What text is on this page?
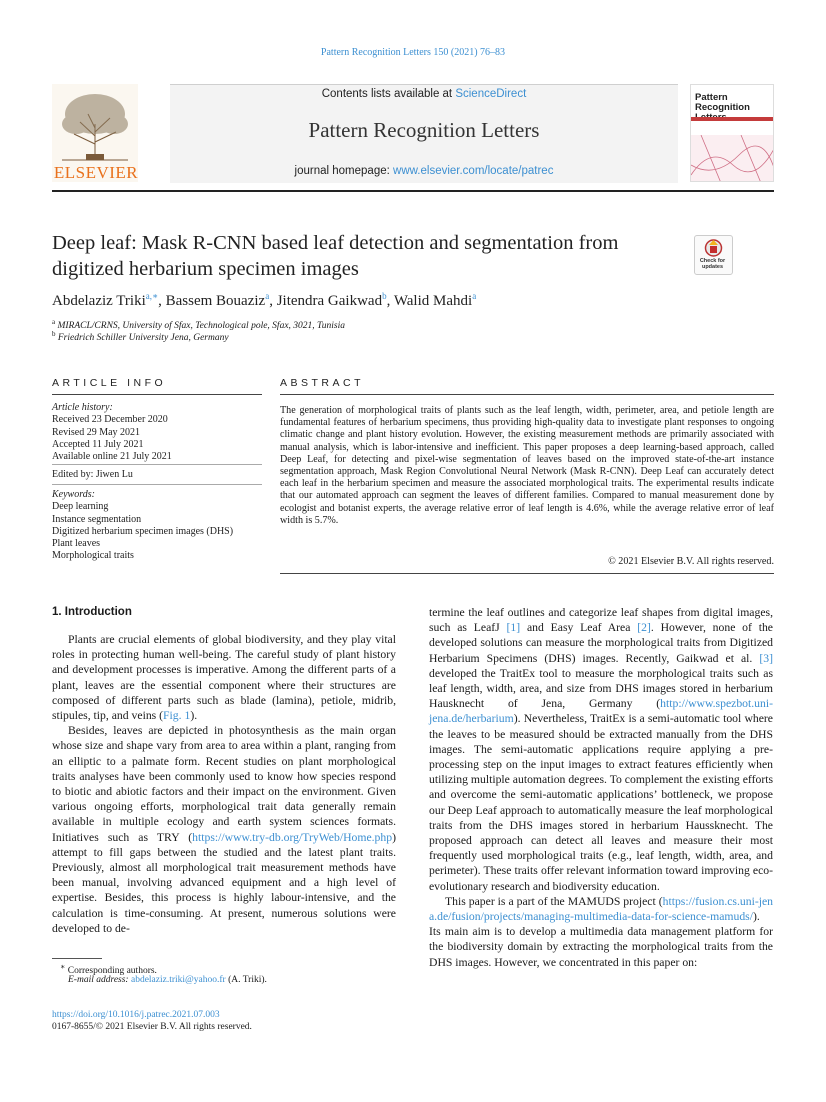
Pattern Recognition Letters 150 (2021) 76–83
Contents lists available at ScienceDirect
Pattern Recognition Letters
journal homepage: www.elsevier.com/locate/patrec
ELSEVIER
Pattern Recognition
Deep leaf: Mask R-CNN based leaf detection and segmentation from digitized herbarium specimen images	Check for updates
Abdelaziz Triki$^{a,∗}$, Bassem Bouaziz$^a$, Jitendra Gaikwad$^b$, Walid Mahdi$^a$
$^a$ MIRACL/CRNS, University of Sfax, Technological pole, Sfax, 3021, Tunisia
$^b$ Friedrich Schiller University Jena, Germany
ARTICLE INFO
Article history:
Received 23 December 2020
Revised 29 May 2021
Accepted 11 July 2021
Available online 21 July 2021
Edited by: Jiwen Lu
Keywords:
Deep learning
Instance segmentation
Digitized herbarium specimen images (DHS)
Plant leaves
Morphological traits
ABSTRACT
The generation of morphological traits of plants such as the leaf length, width, perimeter, area, and petiole length are fundamental features of herbarium specimens, thus providing high-quality data to investigate plant responses to ongoing climatic change and plant history evolution. However, the existing measurement methods are primarily associated with manual analysis, which is labor-intensive and inefficient. This paper proposes a deep learning-based approach, called Deep Leaf, for detecting and pixel-wise segmentation of leaves based on the improved state-of-the-art instance segmentation approach, Mask Region Convolutional Neural Network (Mask R-CNN). Deep Leaf can accurately detect each leaf in the herbarium specimen and measure the associated morphological traits. The experimental results indicate that our automated approach can segment the leaves of different families. Compared to manual measurement done by ecologist and botanist experts, the average relative error of leaf length is 4.6%, while the average relative error of leaf width is 5.7%.
© 2021 Elsevier B.V. All rights reserved.
1. Introduction

Plants are crucial elements of global biodiversity, and they play vital roles in protecting human well-being. The careful study of plant history and development processes is imperative. Among the different parts of a plant, leaves are the essential component where their structures are composed of different parts such as blade (lamina), petiole, midrib, stipules, tip, and veins (Fig. 1).

Besides, leaves are depicted in photosynthesis as the main organ whose size and shape vary from area to area within a plant, ranging from an elliptic to a palmate form. Recent studies on plant morphological traits analyses have been commonly used to know how species respond to biotic and abiotic factors and their impact on the environment. Given various ongoing efforts, morphological trait data generally remain available in multiple ecology and earth system sciences formats. Initiatives such as TRY (https://www.try-db.org/TryWeb/Home.php) attempt to fill gaps between the studied and the latest plant traits. Previously, almost all morphological trait measurement methods have been manual, involving advanced equipment and a high level of expertise. Besides, this process is highly labour-intensive, and the calculation is time-consuming. At present, numerous solutions were developed to de-

termine the leaf outlines and categorize leaf shapes from digital images, such as LeafJ [1] and Easy Leaf Area [2]. However, none of the developed solutions can measure the morphological traits from Digitized Herbarium Specimens (DHS) images. Recently, Gaikwad et al. [3] developed the TraitEx tool to measure the morphological traits such as leaf length, width, area, and size from DHS images stored in herbarium Hausknecht of Jena, Germany (http://www.spezbot.uni-jena.de/herbarium). Nevertheless, TraitEx is a semi-automatic tool where the leaves to be measured should be extracted manually from the DHS images. The semi-automatic applications require applying a pre-processing step on the input images to extract features efficiently when utilizing multiple automation degrees. To complement the existing efforts and overcome the semi-automatic applications’ bottleneck, we propose our Deep Leaf approach to automatically measure the leaf morphological traits from the DHS images stored in herbarium Haussknecht. The proposed approach can detect all leaves and measure their most frequently used morphological traits (e.g., leaf length, width, area, and perimeter). These traits offer relevant information toward improving eco-evolutionary research and biodiversity education.

This paper is a part of the MAMUDS project (https://fusion.cs.uni-jena.de/fusion/projects/managing-multimedia-data-for-science-mamuds/). Its main aim is to develop a multimedia data management platform for the biodiversity domain by extracting the morphological traits from the DHS images. However, we concentrated in this paper on:

∗ Corresponding authors.
E-mail address: abdelaziz.triki@yahoo.fr (A. Triki).
https://doi.org/10.1016/j.patrec.2021.07.003
0167-8655/© 2021 Elsevier B.V. All rights reserved.
